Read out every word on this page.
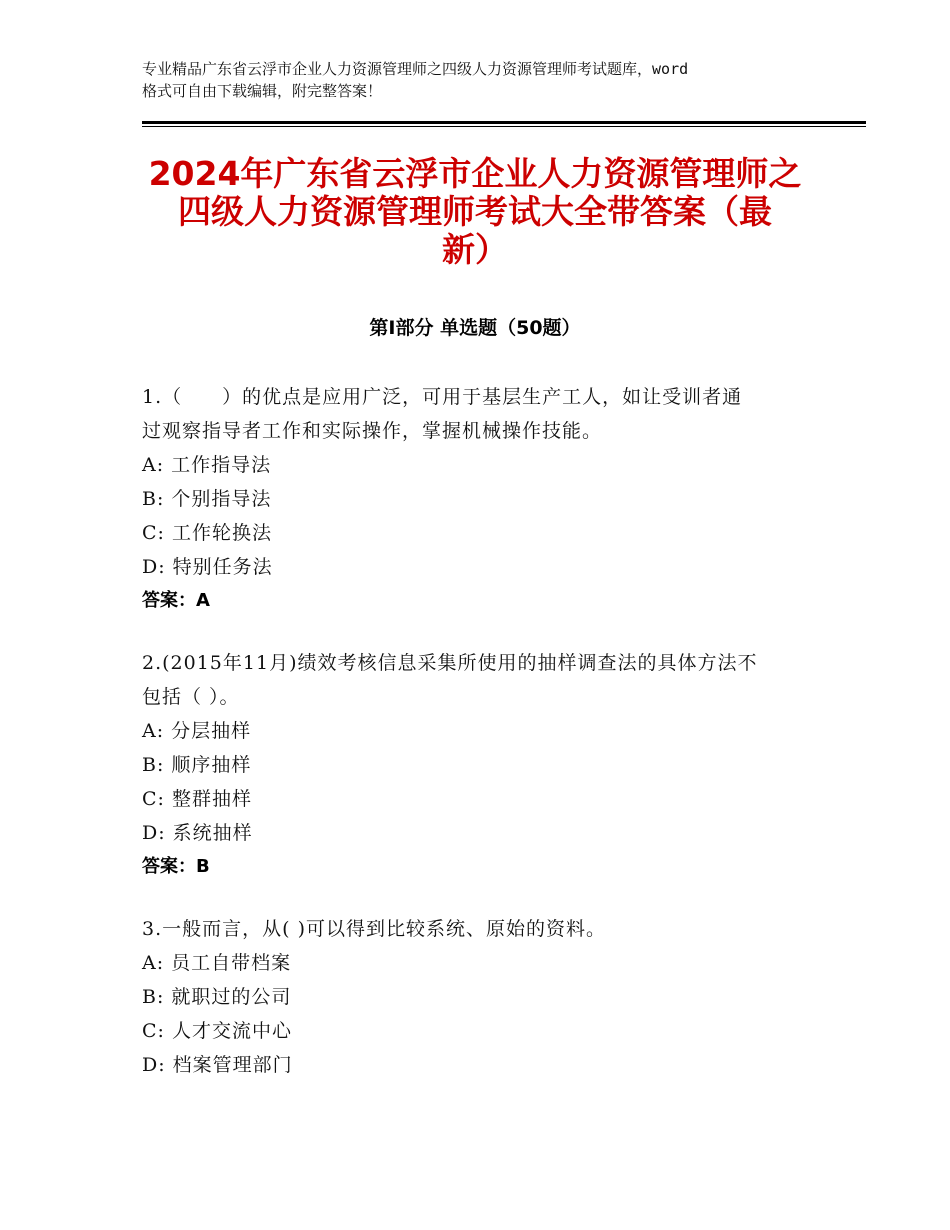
专业精品广东省云浮市企业人力资源管理师之四级人力资源管理师考试题库，word
格式可自由下载编辑，附完整答案！
2024年广东省云浮市企业人力资源管理师之
四级人力资源管理师考试大全带答案（最
新）
第Ⅰ部分 单选题（50题）
1.（　　）的优点是应用广泛，可用于基层生产工人，如让受训者通
过观察指导者工作和实际操作，掌握机械操作技能。
A: 工作指导法
B: 个别指导法
C: 工作轮换法
D: 特别任务法
答案：A
2.(2015年11月)绩效考核信息采集所使用的抽样调查法的具体方法不
包括（ ）。
A: 分层抽样
B: 顺序抽样
C: 整群抽样
D: 系统抽样
答案：B
3.一般而言，从( )可以得到比较系统、原始的资料。
A: 员工自带档案
B: 就职过的公司
C: 人才交流中心
D: 档案管理部门
